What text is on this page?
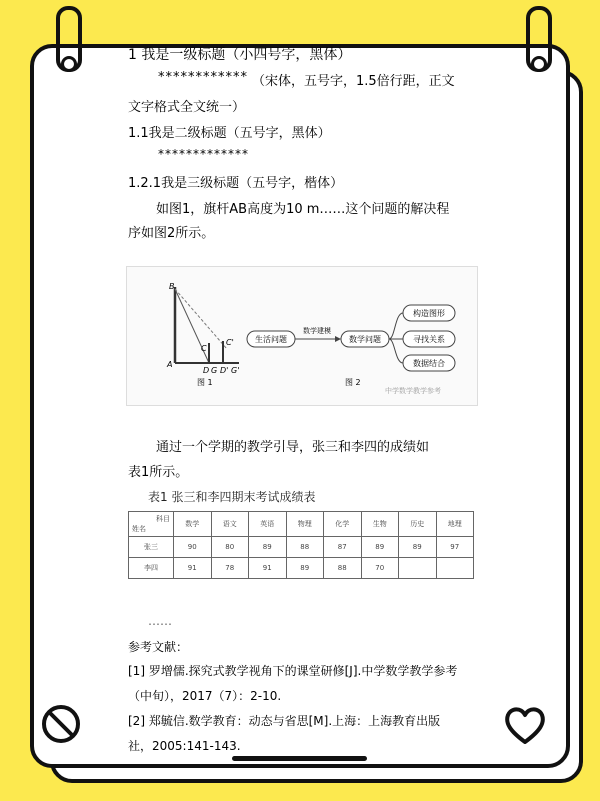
1 我是一级标题（小四号字，黑体）
************ （宋体，五号字，1.5倍行距，正文
文字格式全文统一）
1.1我是二级标题（五号字，黑体）
*************
1.2.1我是三级标题（五号字，楷体）
如图1，旗杆AB高度为10 m……这个问题的解决程
序如图2所示。
B
A
C
C'
D G D' G'
图 1
生活问题
数学建模
数学问题
构造图形
寻找关系
数据结合
图 2
中学数学教学参考
通过一个学期的教学引导，张三和李四的成绩如
表1所示。
表1 张三和李四期末考试成绩表
科目
姓名	数学	语文	英语	物理	化学	生物	历史	地理
张三	90	80	89	88	87	89	89	97
李四	91	78	91	89	88	70		
……
参考文献：
[1] 罗增儒.探究式教学视角下的课堂研修[J].中学数学教学参考
（中旬），2017（7）：2-10.
[2] 郑毓信.数学教育：动态与省思[M].上海：上海教育出版
社，2005:141-143.
